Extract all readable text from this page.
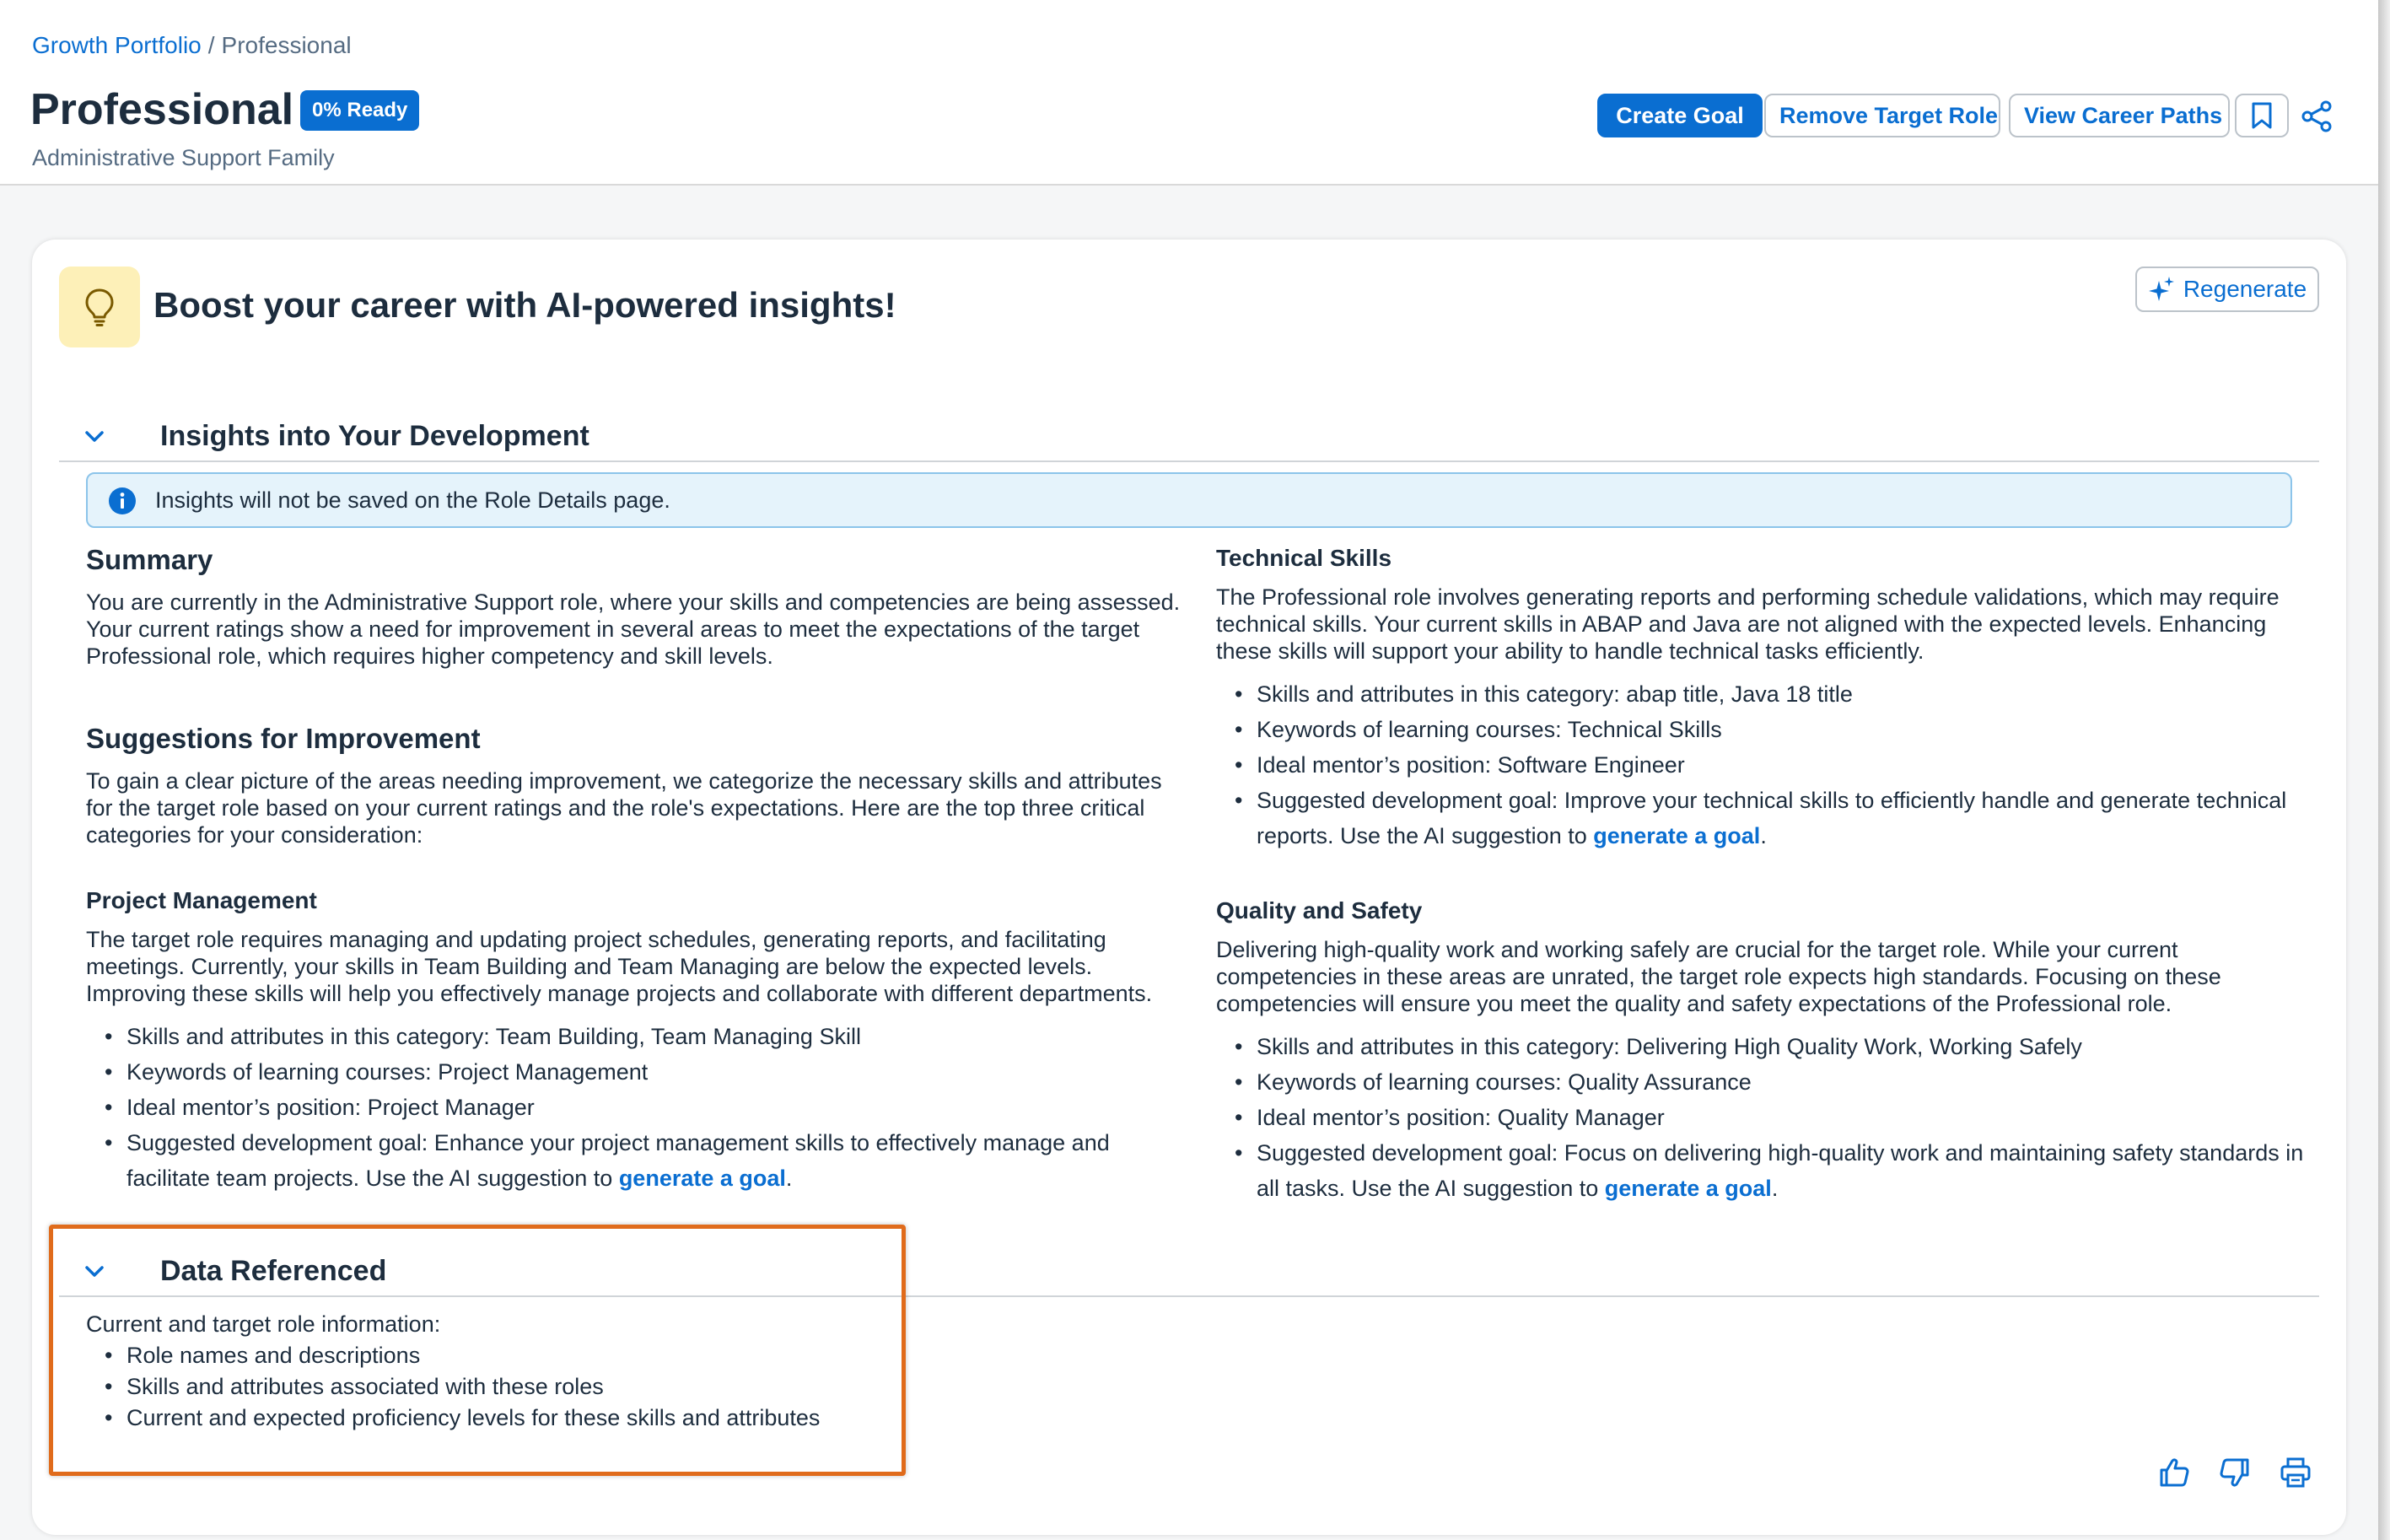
Growth Portfolio / Professional
Professional 0% Ready
Administrative Support Family
Create Goal	Remove Target Role	View Career Paths
Boost your career with AI-powered insights!	Regenerate
Insights into Your Development
Insights will not be saved on the Role Details page.
Summary
You are currently in the Administrative Support role, where your skills and competencies are being assessed. Your current ratings show a need for improvement in several areas to meet the expectations of the target Professional role, which requires higher competency and skill levels.
Suggestions for Improvement
To gain a clear picture of the areas needing improvement, we categorize the necessary skills and attributes for the target role based on your current ratings and the role's expectations. Here are the top three critical categories for your consideration:
Project Management
The target role requires managing and updating project schedules, generating reports, and facilitating meetings. Currently, your skills in Team Building and Team Managing are below the expected levels. Improving these skills will help you effectively manage projects and collaborate with different departments.
• Skills and attributes in this category: Team Building, Team Managing Skill
• Keywords of learning courses: Project Management
• Ideal mentor’s position: Project Manager
• Suggested development goal: Enhance your project management skills to effectively manage and facilitate team projects. Use the AI suggestion to generate a goal.
Technical Skills
The Professional role involves generating reports and performing schedule validations, which may require technical skills. Your current skills in ABAP and Java are not aligned with the expected levels. Enhancing these skills will support your ability to handle technical tasks efficiently.
• Skills and attributes in this category: abap title, Java 18 title
• Keywords of learning courses: Technical Skills
• Ideal mentor’s position: Software Engineer
• Suggested development goal: Improve your technical skills to efficiently handle and generate technical reports. Use the AI suggestion to generate a goal.
Quality and Safety
Delivering high-quality work and working safely are crucial for the target role. While your current competencies in these areas are unrated, the target role expects high standards. Focusing on these competencies will ensure you meet the quality and safety expectations of the Professional role.
• Skills and attributes in this category: Delivering High Quality Work, Working Safely
• Keywords of learning courses: Quality Assurance
• Ideal mentor’s position: Quality Manager
• Suggested development goal: Focus on delivering high-quality work and maintaining safety standards in all tasks. Use the AI suggestion to generate a goal.
Data Referenced
Current and target role information:
• Role names and descriptions
• Skills and attributes associated with these roles
• Current and expected proficiency levels for these skills and attributes
